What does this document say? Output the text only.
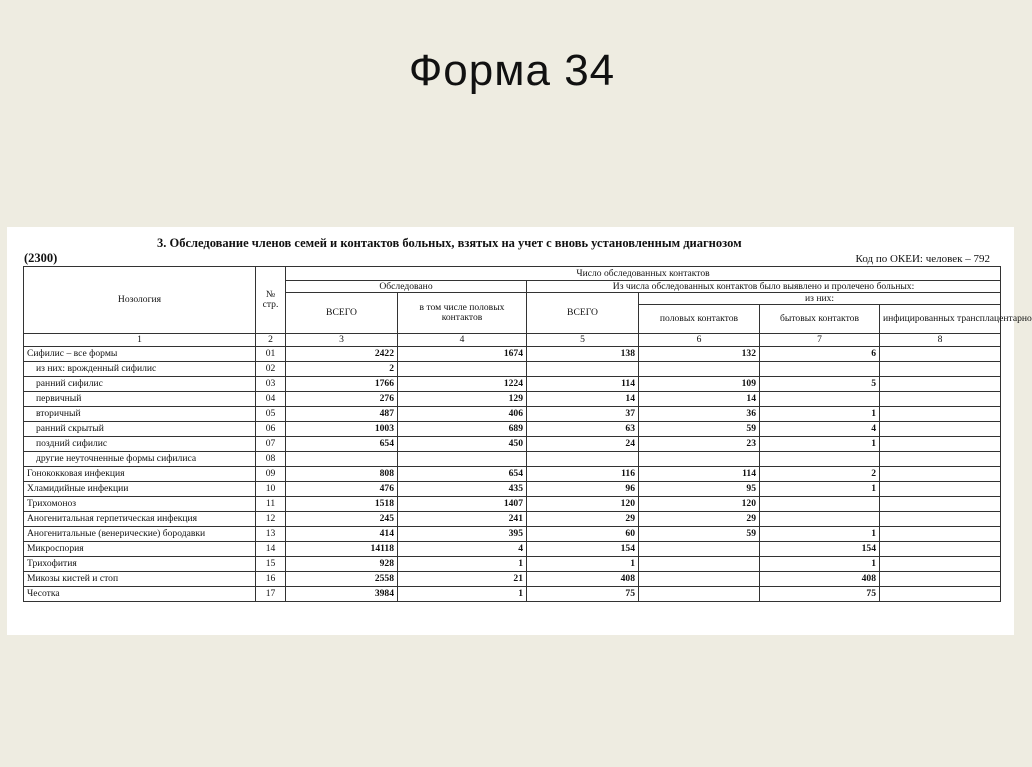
Форма 34
3. Обследование членов семей и контактов больных, взятых на учет с вновь установленным диагнозом
(2300)	Код по ОКЕИ: человек – 792
Нозология	№ стр.	Число обследованных контактов					
		Обследовано		Из числа обследованных контактов было выявлено и пролечено больных:			
		ВСЕГО	в том числе половых контактов	ВСЕГО	из них:		
					половых контактов	бытовых контактов	инфицированных трансплацентарно
1	2	3	4	5	6	7	8
Сифилис – все формы	01	2422	1674	138	132	6	
из них: врожденный сифилис	02	2					
ранний сифилис	03	1766	1224	114	109	5	
первичный	04	276	129	14	14		
вторичный	05	487	406	37	36	1	
ранний скрытый	06	1003	689	63	59	4	
поздний сифилис	07	654	450	24	23	1	
другие неуточненные формы сифилиса	08						
Гонококковая инфекция	09	808	654	116	114	2	
Хламидийные инфекции	10	476	435	96	95	1	
Трихомоноз	11	1518	1407	120	120		
Аногенитальная герпетическая инфекция	12	245	241	29	29		
Аногенитальные (венерические) бородавки	13	414	395	60	59	1	
Микроспория	14	14118	4	154		154	
Трихофития	15	928	1	1		1	
Микозы кистей и стоп	16	2558	21	408		408	
Чесотка	17	3984	1	75		75	
